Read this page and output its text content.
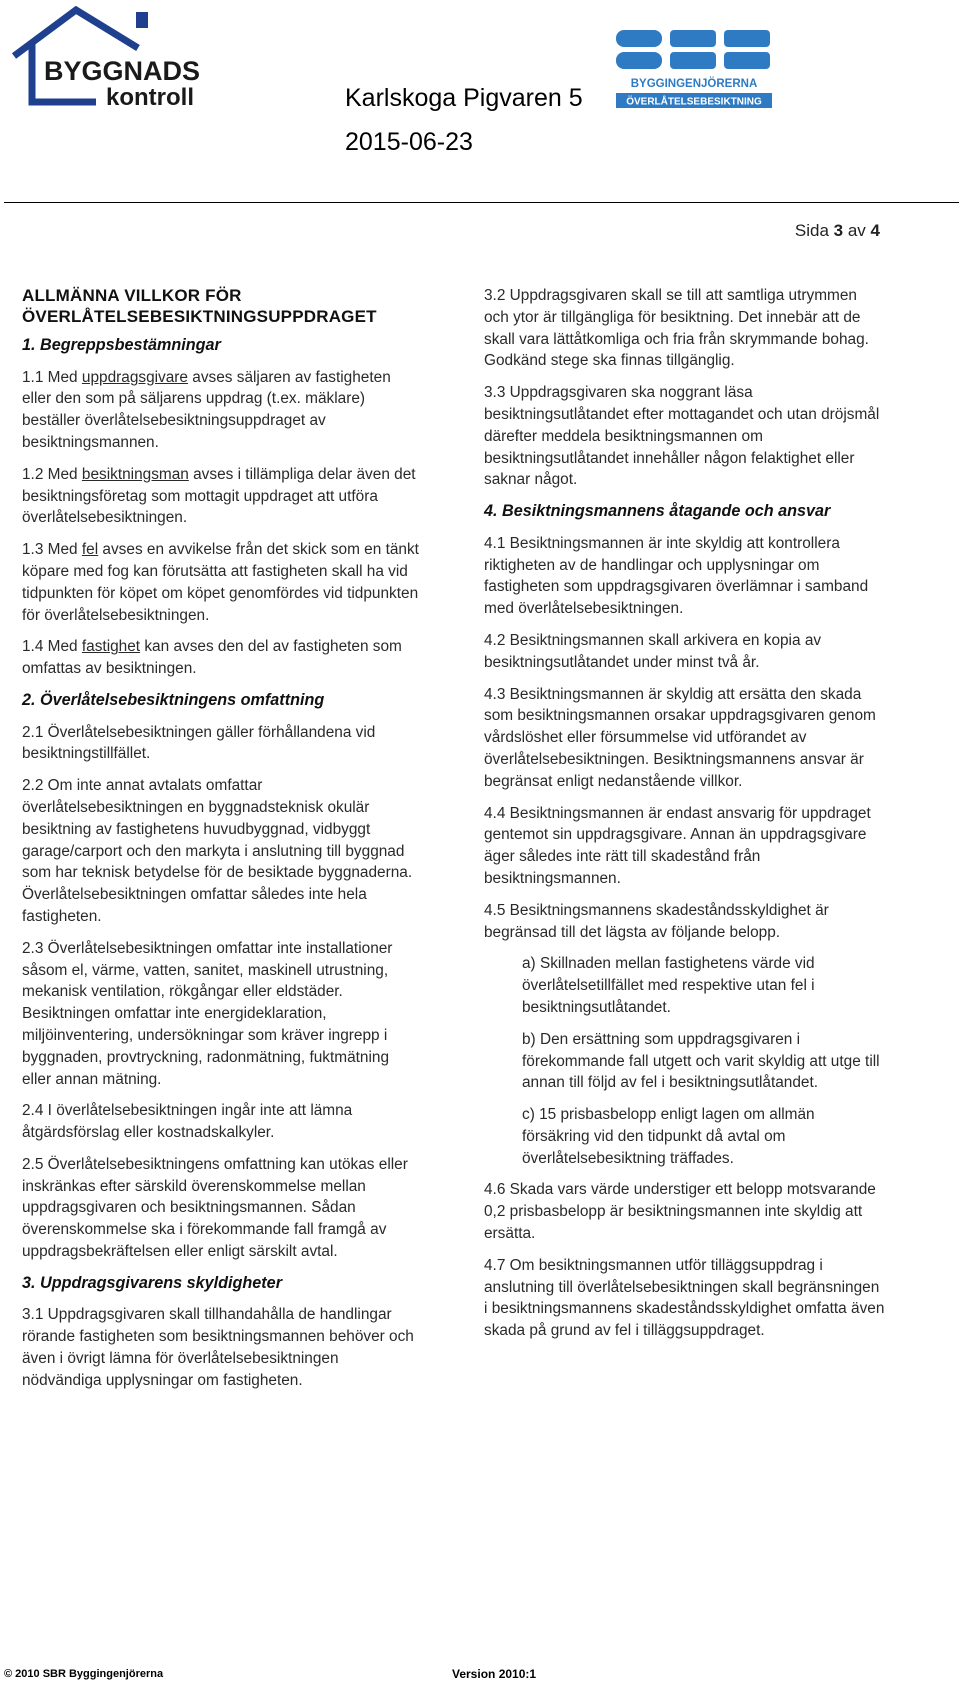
BYGGNADS
kontroll	BYGGINGENJÖRERNA
ÖVERLÅTELSEBESIKTNING
Karlskoga Pigvaren 5
2015-06-23
Sida 3 av 4
ALLMÄNNA VILLKOR FÖR ÖVERLÅTELSEBESIKTNINGSUPPDRAGET
1. Begreppsbestämningar

1.1 Med uppdragsgivare avses säljaren av fastigheten eller den som på säljarens uppdrag (t.ex. mäklare) beställer överlåtelsebesiktningsuppdraget av besiktningsmannen.

1.2 Med besiktningsman avses i tillämpliga delar även det besiktningsföretag som mottagit uppdraget att utföra överlåtelsebesiktningen.

1.3 Med fel avses en avvikelse från det skick som en tänkt köpare med fog kan förutsätta att fastigheten skall ha vid tidpunkten för köpet om köpet genomfördes vid tidpunkten för överlåtelsebesiktningen.

1.4 Med fastighet kan avses den del av fastigheten som omfattas av besiktningen.

2. Överlåtelsebesiktningens omfattning

2.1 Överlåtelsebesiktningen gäller förhållandena vid besiktningstillfället.

2.2 Om inte annat avtalats omfattar överlåtelsebesiktningen en byggnadsteknisk okulär besiktning av fastighetens huvudbyggnad, vidbyggt garage/carport och den markyta i anslutning till byggnad som har teknisk betydelse för de besiktade byggnaderna. Överlåtelsebesiktningen omfattar således inte hela fastigheten.

2.3 Överlåtelsebesiktningen omfattar inte installationer såsom el, värme, vatten, sanitet, maskinell utrustning, mekanisk ventilation, rökgångar eller eldstäder. Besiktningen omfattar inte energideklaration, miljöinventering, undersökningar som kräver ingrepp i byggnaden, provtryckning, radonmätning, fuktmätning eller annan mätning.

2.4 I överlåtelsebesiktningen ingår inte att lämna åtgärdsförslag eller kostnadskalkyler.

2.5 Överlåtelsebesiktningens omfattning kan utökas eller inskränkas efter särskild överenskommelse mellan uppdragsgivaren och besiktningsmannen. Sådan överenskommelse ska i förekommande fall framgå av uppdragsbekräftelsen eller enligt särskilt avtal.

3. Uppdragsgivarens skyldigheter

3.1 Uppdragsgivaren skall tillhandahålla de handlingar rörande fastigheten som besiktningsmannen behöver och även i övrigt lämna för överlåtelsebesiktningen nödvändiga upplysningar om fastigheten.

3.2 Uppdragsgivaren skall se till att samtliga utrymmen och ytor är tillgängliga för besiktning. Det innebär att de skall vara lättåtkomliga och fria från skrymmande bohag. Godkänd stege ska finnas tillgänglig.

3.3 Uppdragsgivaren ska noggrant läsa besiktningsutlåtandet efter mottagandet och utan dröjsmål därefter meddela besiktningsmannen om besiktningsutlåtandet innehåller någon felaktighet eller saknar något.

4. Besiktningsmannens åtagande och ansvar

4.1 Besiktningsmannen är inte skyldig att kontrollera riktigheten av de handlingar och upplysningar om fastigheten som uppdragsgivaren överlämnar i samband med överlåtelsebesiktningen.

4.2 Besiktningsmannen skall arkivera en kopia av besiktningsutlåtandet under minst två år.

4.3 Besiktningsmannen är skyldig att ersätta den skada som besiktningsmannen orsakar uppdragsgivaren genom vårdslöshet eller försummelse vid utförandet av överlåtelsebesiktningen. Besiktningsmannens ansvar är begränsat enligt nedanstående villkor.

4.4 Besiktningsmannen är endast ansvarig för uppdraget gentemot sin uppdragsgivare. Annan än uppdragsgivare äger således inte rätt till skadestånd från besiktningsmannen.

4.5 Besiktningsmannens skadeståndsskyldighet är begränsad till det lägsta av följande belopp.

a) Skillnaden mellan fastighetens värde vid överlåtelsetillfället med respektive utan fel i besiktningsutlåtandet.

b) Den ersättning som uppdragsgivaren i förekommande fall utgett och varit skyldig att utge till annan till följd av fel i besiktningsutlåtandet.

c) 15 prisbasbelopp enligt lagen om allmän försäkring vid den tidpunkt då avtal om överlåtelsebesiktning träffades.

4.6 Skada vars värde understiger ett belopp motsvarande 0,2 prisbasbelopp är besiktningsmannen inte skyldig att ersätta.

4.7 Om besiktningsmannen utför tilläggsuppdrag i anslutning till överlåtelsebesiktningen skall begränsningen i besiktningsmannens skadeståndsskyldighet omfatta även skada på grund av fel i tilläggsuppdraget.

© 2010 SBR Byggingenjörerna	Version 2010:1
